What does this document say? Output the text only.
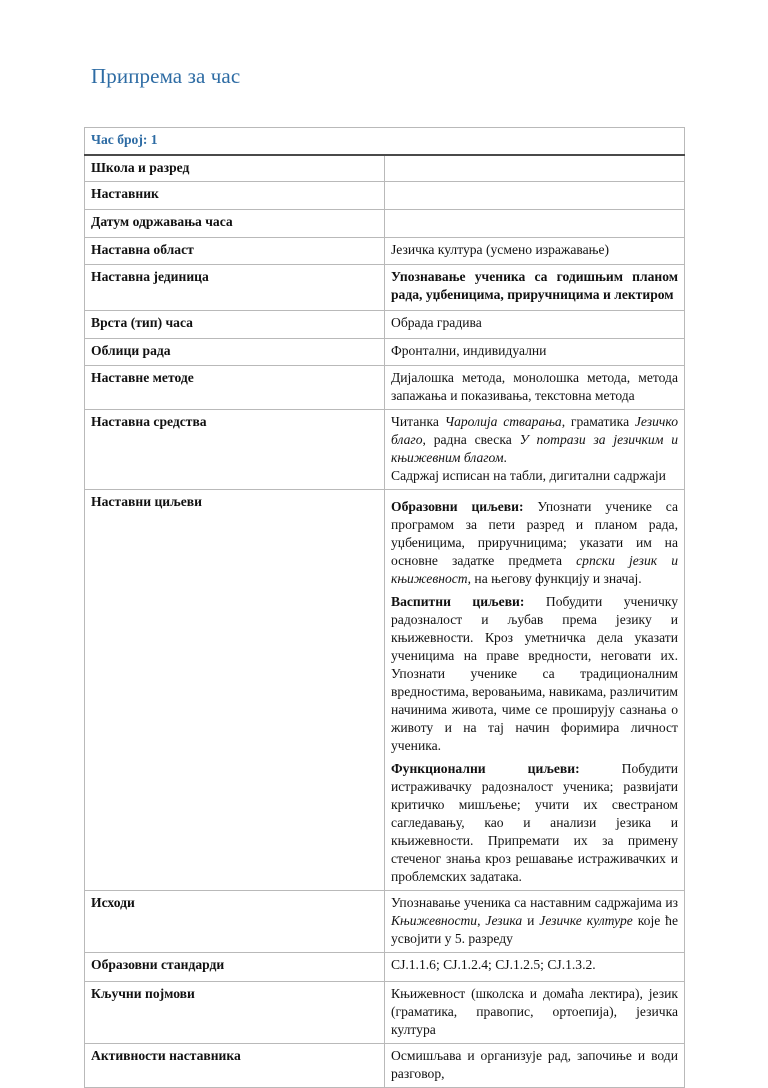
Припрема за час
Час број: 1	
Школа и разред	
Наставник	
Датум одржавања часа	
Наставна област	Језичка култура (усмено изражавање)
Наставна јединица	Упознавање ученика са годишњим планом рада, уџбеницима, приручницима и лектиром
Врста (тип) часа	Обрада градива
Облици рада	Фронтални, индивидуални
Наставне методе	Дијалошка метода, монолошка метода, метода запажања и показивања, текстовна метода
Наставна средства	Читанка Чаролија стварања, граматика Језичко благо, радна свеска У потрази за језичким и књижевним благом.
Садржај исписан на табли, дигитални садржаји

Наставни циљеви	Образовни циљеви: Упознати ученике са програмом за пети разред и планом рада, уџбеницима, приручницима; указати им на основне задатке предмета српски језик и књижевност, на његову функцију и значај.

Васпитни циљеви: Побудити ученичку радозналост и љубав према језику и књижевности. Кроз уметничка дела указати ученицима на праве вредности, неговати их. Упознати ученике са традиционалним вредностима, веровањима, навикама, различитим начинима живота, чиме се проширују сазнања о животу и на тај начин форимира личност ученика.

Функционални циљеви: Побудити истраживачку радозналост ученика; развијати критичко мишљење; учити их свестраном сагледавању, као и анализи језика и књижевности. Припремати их за примену стеченог знања кроз решавање истраживачких и проблемских задатака.

Исходи	Упознавање ученика са наставним садржајима из Књижевности, Језика и Језичке културе које ће усвојити у 5. разреду
Образовни стандарди	СЈ.1.1.6; СЈ.1.2.4; СЈ.1.2.5; СЈ.1.3.2.
Кључни појмови	Књижевност (школска и домаћа лектира), језик (граматика, правопис, ортоепија), језичка култура
Активности наставника	Осмишљава и организује рад, започиње и води разговор,
